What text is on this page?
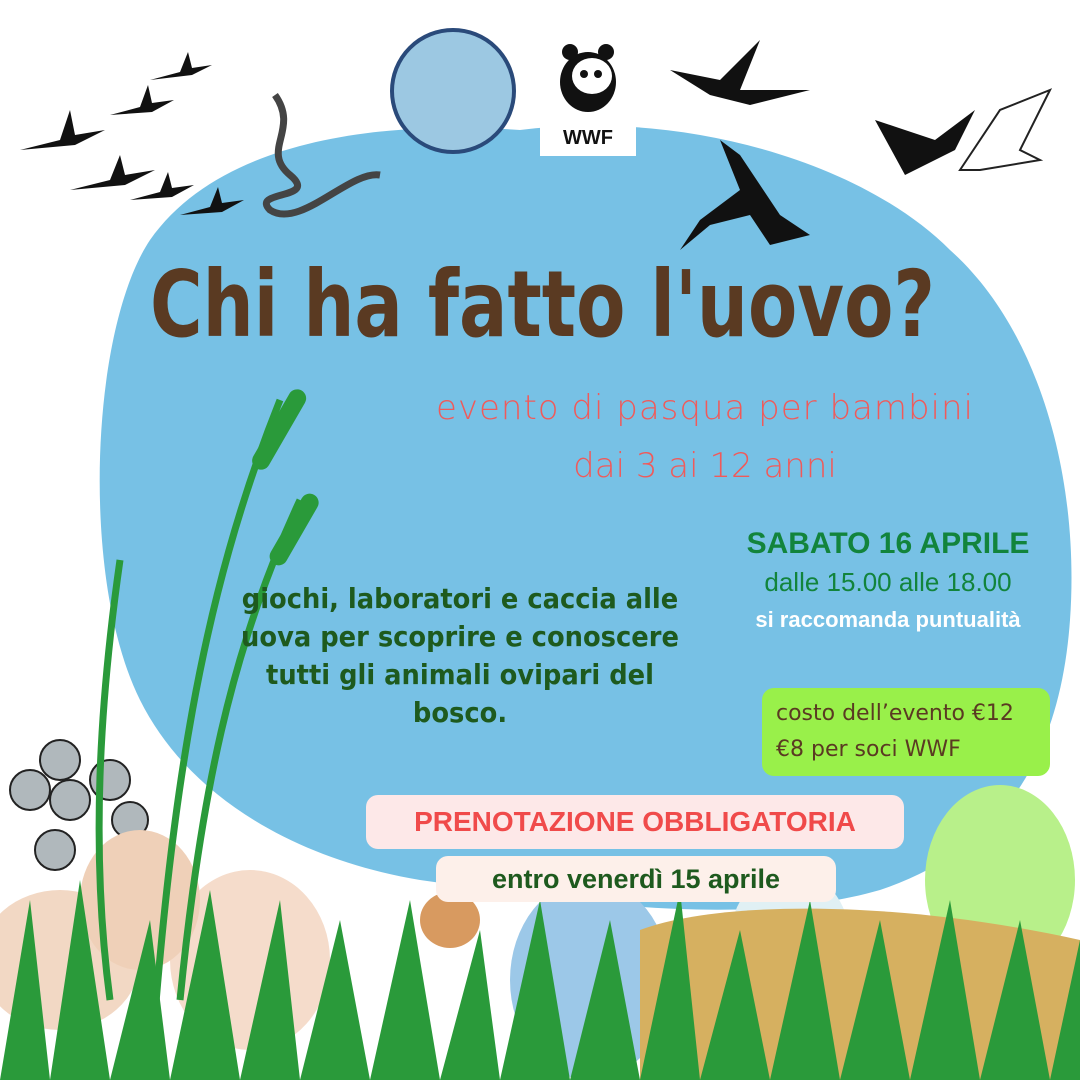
WWF
Chi ha fatto l'uovo?
evento di pasqua per bambini
dai 3 ai 12 anni
SABATO 16 APRILE
dalle 15.00 alle 18.00
si raccomanda puntualità
giochi, laboratori e caccia alle uova per scoprire e conoscere tutti gli animali ovipari del bosco.	costo dell’evento €12
€8 per soci WWF
PRENOTAZIONE OBBLIGATORIA
entro venerdì 15 aprile
